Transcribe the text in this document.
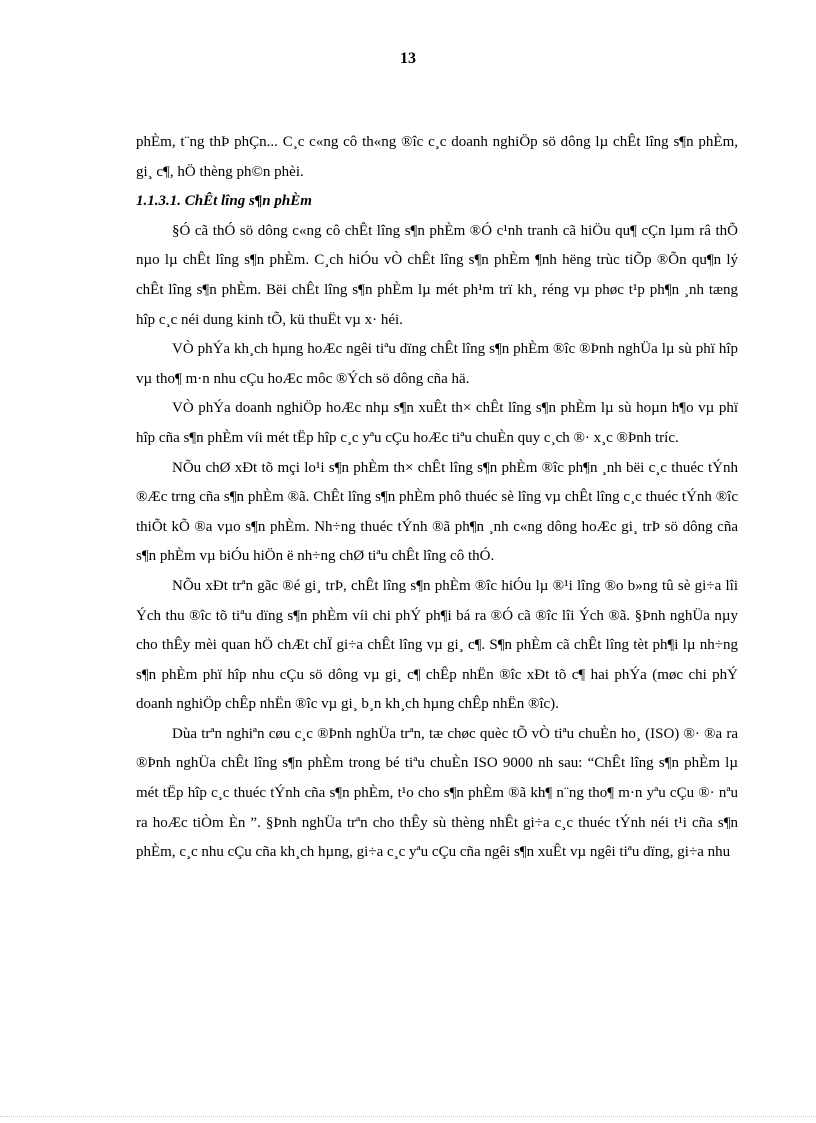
13

phÈm, t¨ng thÞ phÇn... C¸c c«ng cô th«ng ®îc c¸c doanh nghiÖp sö dông lµ chÊt lîng s¶n phÈm, gi¸ c¶, hÖ thèng ph©n phèi.

1.1.3.1. ChÊt lîng s¶n phÈm

§Ó cã thÓ sö dông c«ng cô chÊt lîng s¶n phÈm ®Ó c¹nh tranh cã hiÖu qu¶ cÇn lµm râ thÕ nµo lµ chÊt lîng s¶n phÈm. C¸ch hiÓu vÒ chÊt lîng s¶n phÈm ¶nh hëng trùc tiÕp ®Õn qu¶n lý chÊt lîng s¶n phÈm. Bëi chÊt lîng s¶n phÈm lµ mét ph¹m trï kh¸ réng vµ phøc t¹p ph¶n ¸nh tæng hîp c¸c néi dung kinh tÕ, kü thuËt vµ x· héi.

VÒ phÝa kh¸ch hµng hoÆc ngêi tiªu dïng chÊt lîng s¶n phÈm ®îc ®Þnh nghÜa lµ sù phï hîp vµ tho¶ m·n nhu cÇu hoÆc môc ®Ých sö dông cña hä.

VÒ phÝa doanh nghiÖp hoÆc nhµ s¶n xuÊt th× chÊt lîng s¶n phÈm lµ sù hoµn h¶o vµ phï hîp cña s¶n phÈm víi mét tËp hîp c¸c yªu cÇu hoÆc tiªu chuÈn quy c¸ch ®· x¸c ®Þnh tríc.

NÕu chØ xÐt tõ mçi lo¹i s¶n phÈm th× chÊt lîng s¶n phÈm ®îc ph¶n ¸nh bëi c¸c thuéc tÝnh ®Æc trng cña s¶n phÈm ®ã. ChÊt lîng s¶n phÈm phô thuéc sè lîng vµ chÊt lîng c¸c thuéc tÝnh ®îc thiÕt kÕ ®a vµo s¶n phÈm. Nh÷ng thuéc tÝnh ®ã ph¶n ¸nh c«ng dông hoÆc gi¸ trÞ sö dông cña s¶n phÈm vµ biÓu hiÖn ë nh÷ng chØ tiªu chÊt lîng cô thÓ.

NÕu xÐt trªn gãc ®é gi¸ trÞ, chÊt lîng s¶n phÈm ®îc hiÓu lµ ®¹i lîng ®o b»ng tû sè gi÷a lîi Ých thu ®îc tõ tiªu dïng s¶n phÈm víi chi phÝ ph¶i bá ra ®Ó cã ®îc lîi Ých ®ã. §Þnh nghÜa nµy cho thÊy mèi quan hÖ chÆt chÏ gi÷a chÊt lîng vµ gi¸ c¶. S¶n phÈm cã chÊt lîng tèt ph¶i lµ nh÷ng s¶n phÈm phï hîp nhu cÇu sö dông vµ gi¸ c¶ chÊp nhËn ®îc xÐt tõ c¶ hai phÝa (møc chi phÝ doanh nghiÖp chÊp nhËn ®îc vµ gi¸ b¸n kh¸ch hµng chÊp nhËn ®îc).

Dùa trªn nghiªn cøu c¸c ®Þnh nghÜa trªn, tæ chøc quèc tÕ vÒ tiªu chuÈn ho¸ (ISO) ®· ®a ra ®Þnh nghÜa chÊt lîng s¶n phÈm trong bé tiªu chuÈn ISO 9000 nh sau: “ChÊt lîng s¶n phÈm lµ mét tËp hîp c¸c thuéc tÝnh cña s¶n phÈm, t¹o cho s¶n phÈm ®ã kh¶ n¨ng tho¶ m·n yªu cÇu ®· nªu ra hoÆc tiÒm Èn ”. §Þnh nghÜa trªn cho thÊy sù thèng nhÊt gi÷a c¸c thuéc tÝnh néi t¹i cña s¶n phÈm, c¸c nhu cÇu cña kh¸ch hµng, gi÷a c¸c yªu cÇu cña ngêi s¶n xuÊt vµ ngêi tiªu dïng, gi÷a nhu
